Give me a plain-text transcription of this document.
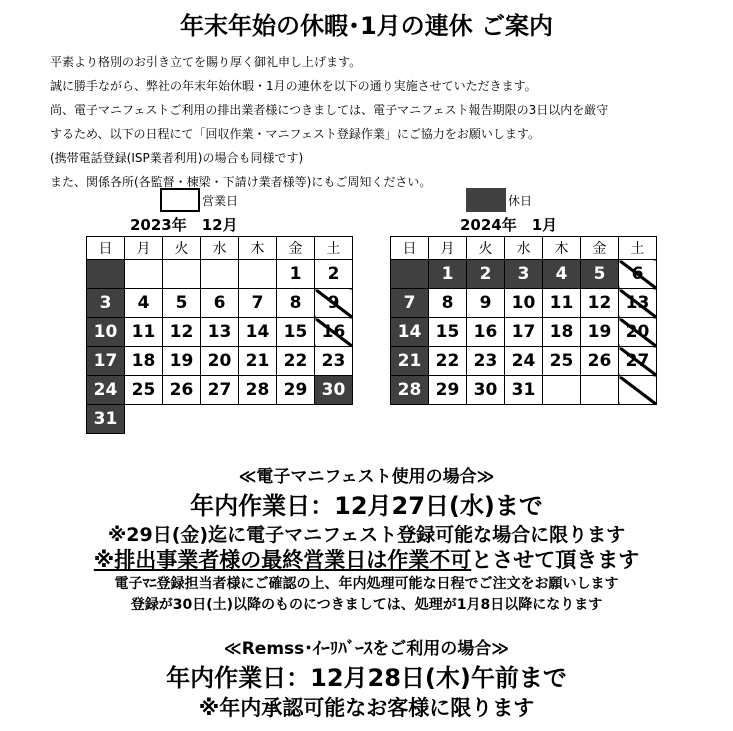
年末年始の休暇･1月の連休 ご案内
平素より格別のお引き立てを賜り厚く御礼申し上げます。
誠に勝手ながら、弊社の年末年始休暇・1月の連休を以下の通り実施させていただきます。
尚、電子マニフェストご利用の排出業者様につきましては、電子マニフェスト報告期限の3日以内を厳守
するため、以下の日程にて「回収作業・マニフェスト登録作業」にご協力をお願いします。
(携帯電話登録(ISP業者利用)の場合も同様です)
また、関係各所(各監督・棟梁・下請け業者様等)にもご周知ください。
営業日	休日
2023年　12月	2024年　1月
日	月	火	水	木	金	土
					1	2
3	4	5	6	7	8	9
10	11	12	13	14	15	16
17	18	19	20	21	22	23
24	25	26	27	28	29	30
31						
日	月	火	水	木	金	土
	1	2	3	4	5	6
7	8	9	10	11	12	13
14	15	16	17	18	19	20
21	22	23	24	25	26	27
28	29	30	31			
≪電子マニフェスト使用の場合≫
年内作業日：12月27日(水)まで
※29日(金)迄に電子マニフェスト登録可能な場合に限ります
※排出事業者様の最終営業日は作業不可とさせて頂きます
電子ﾏﾆ登録担当者様にご確認の上、年内処理可能な日程でご注文をお願いします
登録が30日(土)以降のものにつきましては、処理が1月8日以降になります
≪Remss･ｲｰﾘﾊﾞｰｽをご利用の場合≫
年内作業日：12月28日(木)午前まで
※年内承認可能なお客様に限ります
